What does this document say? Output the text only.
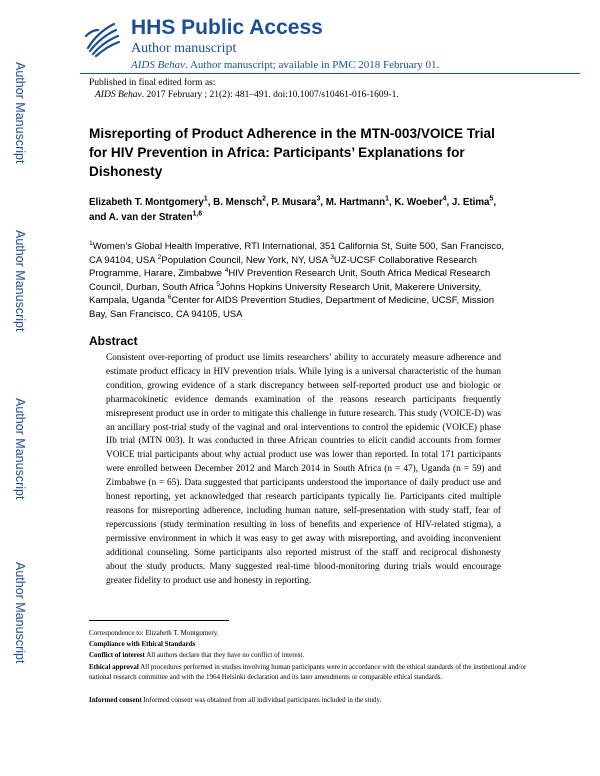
Author Manuscript
Author Manuscript
Author Manuscript
Author Manuscript
HHS Public Access
Author manuscript
AIDS Behav. Author manuscript; available in PMC 2018 February 01.
Published in final edited form as:
AIDS Behav. 2017 February ; 21(2): 481–491. doi:10.1007/s10461-016-1609-1.
Misreporting of Product Adherence in the MTN-003/VOICE Trial for HIV Prevention in Africa: Participants’ Explanations for Dishonesty
Elizabeth T. Montgomery$^1$, B. Mensch$^2$, P. Musara$^3$, M. Hartmann$^1$, K. Woeber$^4$, J. Etima$^5$,
and A. van der Straten$^{1,6}$
$^1$Women’s Global Health Imperative, RTI International, 351 California St, Suite 500, San Francisco, CA 94104, USA $^2$Population Council, New York, NY, USA $^3$UZ-UCSF Collaborative Research Programme, Harare, Zimbabwe $^4$HIV Prevention Research Unit, South Africa Medical Research Council, Durban, South Africa $^5$Johns Hopkins University Research Unit, Makerere University, Kampala, Uganda $^6$Center for AIDS Prevention Studies, Department of Medicine, UCSF, Mission Bay, San Francisco, CA 94105, USA
Abstract
Consistent over-reporting of product use limits researchers’ ability to accurately measure adherence and estimate product efficacy in HIV prevention trials. While lying is a universal characteristic of the human condition, growing evidence of a stark discrepancy between self-reported product use and biologic or pharmacokinetic evidence demands examination of the reasons research participants frequently misrepresent product use in order to mitigate this challenge in future research. This study (VOICE-D) was an ancillary post-trial study of the vaginal and oral interventions to control the epidemic (VOICE) phase IIb trial (MTN 003). It was conducted in three African countries to elicit candid accounts from former VOICE trial participants about why actual product use was lower than reported. In total 171 participants were enrolled between December 2012 and March 2014 in South Africa (n = 47), Uganda (n = 59) and Zimbabwe (n = 65). Data suggested that participants understood the importance of daily product use and honest reporting, yet acknowledged that research participants typically lie. Participants cited multiple reasons for misreporting adherence, including human nature, self-presentation with study staff, fear of repercussions (study termination resulting in loss of benefits and experience of HIV-related stigma), a permissive environment in which it was easy to get away with misreporting, and avoiding inconvenient additional counseling. Some participants also reported mistrust of the staff and reciprocal dishonesty about the study products. Many suggested real-time blood-monitoring during trials would encourage greater fidelity to product use and honesty in reporting.
Correspondence to: Elizabeth T. Montgomery.
Compliance with Ethical Standards
Conflict of interest All authors declare that they have no conflict of interest.
Ethical approval All procedures performed in studies involving human participants were in accordance with the ethical standards of the institutional and/or national research committee and with the 1964 Helsinki declaration and its later amendments or comparable ethical standards.
Informed consent Informed consent was obtained from all individual participants included in the study.
